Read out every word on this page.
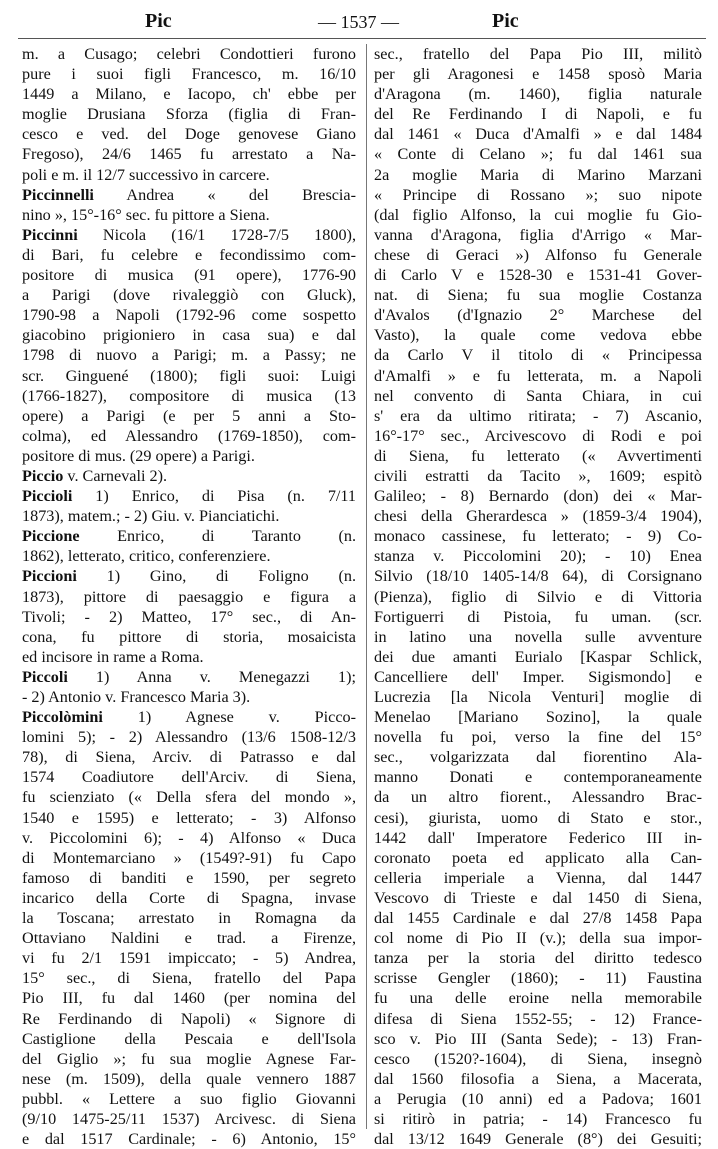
Pic	— 1537 —	Pic
m. a Cusago; celebri Condottieri furono
pure i suoi figli Francesco, m. 16/10
1449 a Milano, e Iacopo, ch' ebbe per
moglie Drusiana Sforza (figlia di Fran-
cesco e ved. del Doge genovese Giano
Fregoso), 24/6 1465 fu arrestato a Na-
poli e m. il 12/7 successivo in carcere.
Piccinnelli Andrea « del Brescia-
nino », 15°-16° sec. fu pittore a Siena.
Piccinni Nicola (16/1 1728-7/5 1800),
di Bari, fu celebre e fecondissimo com-
positore di musica (91 opere), 1776-90
a Parigi (dove rivaleggiò con Gluck),
1790-98 a Napoli (1792-96 come sospetto
giacobino prigioniero in casa sua) e dal
1798 di nuovo a Parigi; m. a Passy; ne
scr. Ginguené (1800); figli suoi: Luigi
(1766-1827), compositore di musica (13
opere) a Parigi (e per 5 anni a Sto-
colma), ed Alessandro (1769-1850), com-
positore di mus. (29 opere) a Parigi.
Piccio v. Carnevali 2).
Piccioli 1) Enrico, di Pisa (n. 7/11
1873), matem.; - 2) Giu. v. Pianciatichi.
Piccione Enrico, di Taranto (n.
1862), letterato, critico, conferenziere.
Piccioni 1) Gino, di Foligno (n.
1873), pittore di paesaggio e figura a
Tivoli; - 2) Matteo, 17° sec., di An-
cona, fu pittore di storia, mosaicista
ed incisore in rame a Roma.
Piccoli 1) Anna v. Menegazzi 1);
- 2) Antonio v. Francesco Maria 3).
Piccolòmini 1) Agnese v. Picco-
lomini 5); - 2) Alessandro (13/6 1508-12/3
78), di Siena, Arciv. di Patrasso e dal
1574 Coadiutore dell'Arciv. di Siena,
fu scienziato (« Della sfera del mondo »,
1540 e 1595) e letterato; - 3) Alfonso
v. Piccolomini 6); - 4) Alfonso « Duca
di Montemarciano » (1549?-91) fu Capo
famoso di banditi e 1590, per segreto
incarico della Corte di Spagna, invase
la Toscana; arrestato in Romagna da
Ottaviano Naldini e trad. a Firenze,
vi fu 2/1 1591 impiccato; - 5) Andrea,
15° sec., di Siena, fratello del Papa
Pio III, fu dal 1460 (per nomina del
Re Ferdinando di Napoli) « Signore di
Castiglione della Pescaia e dell'Isola
del Giglio »; fu sua moglie Agnese Far-
nese (m. 1509), della quale vennero 1887
pubbl. « Lettere a suo figlio Giovanni
(9/10 1475-25/11 1537) Arcivesc. di Siena
e dal 1517 Cardinale; - 6) Antonio, 15°
sec., fratello del Papa Pio III, militò
per gli Aragonesi e 1458 sposò Maria
d'Aragona (m. 1460), figlia naturale
del Re Ferdinando I di Napoli, e fu
dal 1461 « Duca d'Amalfi » e dal 1484
« Conte di Celano »; fu dal 1461 sua
2a moglie Maria di Marino Marzani
« Principe di Rossano »; suo nipote
(dal figlio Alfonso, la cui moglie fu Gio-
vanna d'Aragona, figlia d'Arrigo « Mar-
chese di Geraci ») Alfonso fu Generale
di Carlo V e 1528-30 e 1531-41 Gover-
nat. di Siena; fu sua moglie Costanza
d'Avalos (d'Ignazio 2° Marchese del
Vasto), la quale come vedova ebbe
da Carlo V il titolo di « Principessa
d'Amalfi » e fu letterata, m. a Napoli
nel convento di Santa Chiara, in cui
s' era da ultimo ritirata; - 7) Ascanio,
16°-17° sec., Arcivescovo di Rodi e poi
di Siena, fu letterato (« Avvertimenti
civili estratti da Tacito », 1609; espitò
Galileo; - 8) Bernardo (don) dei « Mar-
chesi della Gherardesca » (1859-3/4 1904),
monaco cassinese, fu letterato; - 9) Co-
stanza v. Piccolomini 20); - 10) Enea
Silvio (18/10 1405-14/8 64), di Corsignano
(Pienza), figlio di Silvio e di Vittoria
Fortiguerri di Pistoia, fu uman. (scr.
in latino una novella sulle avventure
dei due amanti Eurialo [Kaspar Schlick,
Cancelliere dell' Imper. Sigismondo] e
Lucrezia [la Nicola Venturi] moglie di
Menelao [Mariano Sozino], la quale
novella fu poi, verso la fine del 15°
sec., volgarizzata dal fiorentino Ala-
manno Donati e contemporaneamente
da un altro fiorent., Alessandro Brac-
cesi), giurista, uomo di Stato e stor.,
1442 dall' Imperatore Federico III in-
coronato poeta ed applicato alla Can-
celleria imperiale a Vienna, dal 1447
Vescovo di Trieste e dal 1450 di Siena,
dal 1455 Cardinale e dal 27/8 1458 Papa
col nome di Pio II (v.); della sua impor-
tanza per la storia del diritto tedesco
scrisse Gengler (1860); - 11) Faustina
fu una delle eroine nella memorabile
difesa di Siena 1552-55; - 12) France-
sco v. Pio III (Santa Sede); - 13) Fran-
cesco (1520?-1604), di Siena, insegnò
dal 1560 filosofia a Siena, a Macerata,
a Perugia (10 anni) ed a Padova; 1601
si ritirò in patria; - 14) Francesco fu
dal 13/12 1649 Generale (8°) dei Gesuiti;
